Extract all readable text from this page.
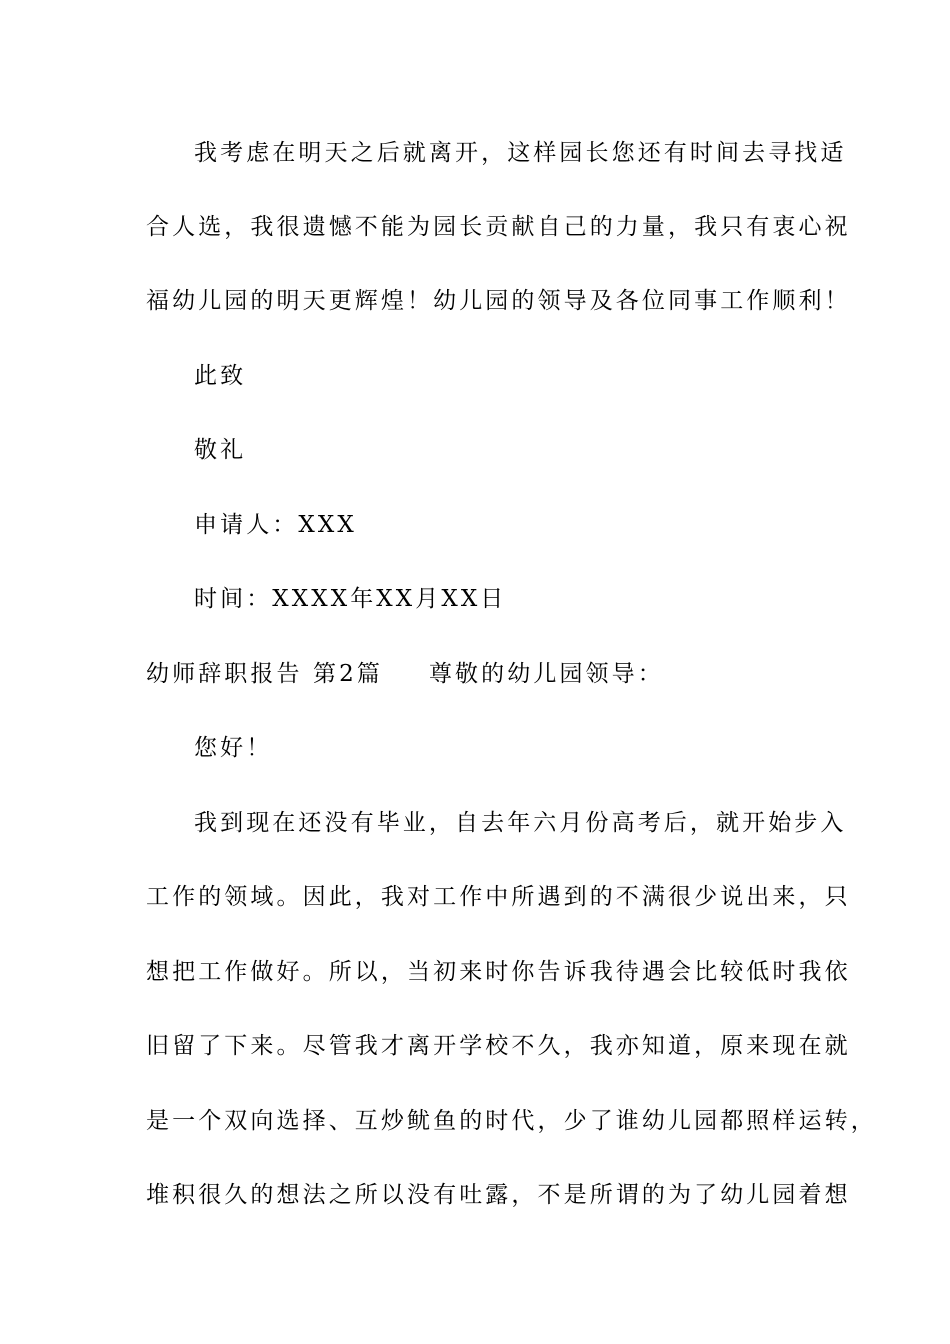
我考虑在明天之后就离开，这样园长您还有时间去寻找适
合人选，我很遗憾不能为园长贡献自己的力量，我只有衷心祝
福幼儿园的明天更辉煌！幼儿园的领导及各位同事工作顺利！
此致
敬礼
申请人：XXX
时间：XXXX年XX月XX日
幼师辞职报告 第2篇 尊敬的幼儿园领导：
您好！
我到现在还没有毕业，自去年六月份高考后，就开始步入
工作的领域。因此，我对工作中所遇到的不满很少说出来，只
想把工作做好。所以，当初来时你告诉我待遇会比较低时我依
旧留了下来。尽管我才离开学校不久，我亦知道，原来现在就
是一个双向选择、互炒鱿鱼的时代，少了谁幼儿园都照样运转，
堆积很久的想法之所以没有吐露，不是所谓的为了幼儿园着想
